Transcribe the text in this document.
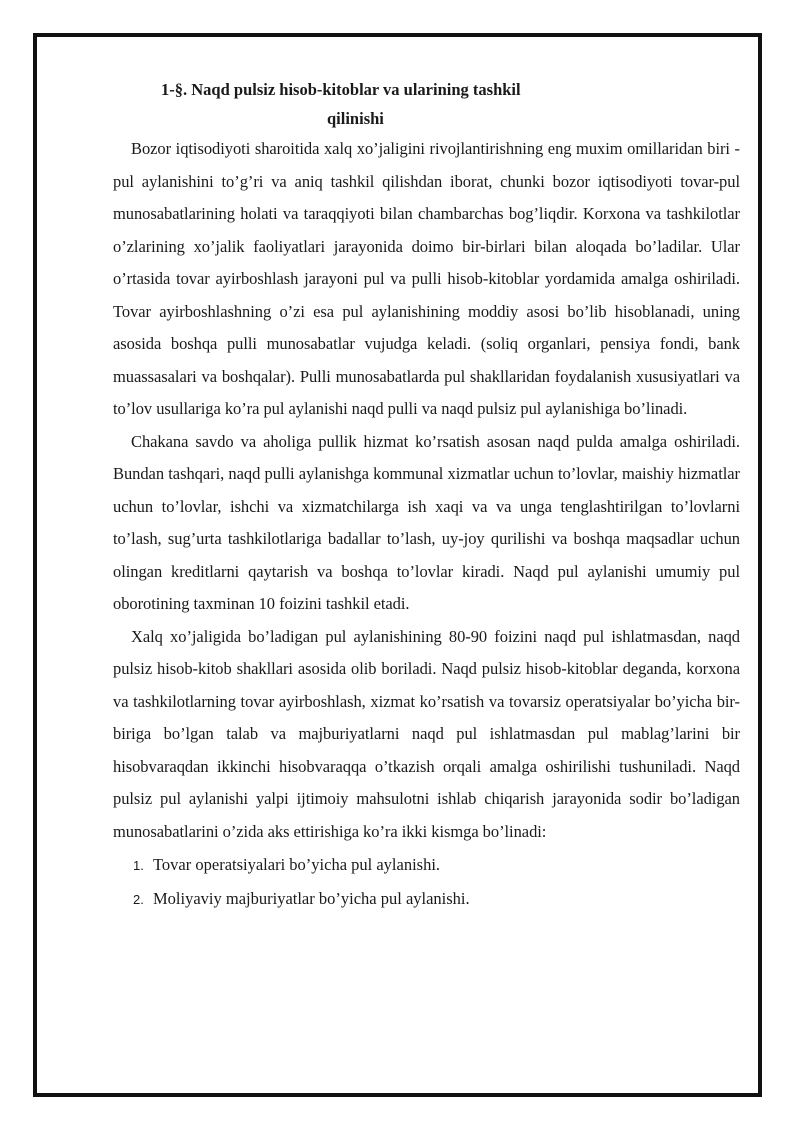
1-§. Naqd pulsiz hisob-kitoblar va ularining tashkil
qilinishi

Bozor iqtisodiyoti sharoitida xalq xo’jaligini rivojlantirishning eng muxim omillaridan biri - pul aylanishini to’g’ri va aniq tashkil qilishdan iborat, chunki bozor iqtisodiyoti tovar-pul munosabatlarining holati va taraqqiyoti bilan chambarchas bog’liqdir. Korxona va tashkilotlar o’zlarining xo’jalik faoliyatlari jarayonida doimo bir-birlari bilan aloqada bo’ladilar. Ular o’rtasida tovar ayirboshlash jarayoni pul va pulli hisob-kitoblar yordamida amalga oshiriladi. Tovar ayirboshlashning o’zi esa pul aylanishining moddiy asosi bo’lib hisoblanadi, uning asosida boshqa pulli munosabatlar vujudga keladi. (soliq organlari, pensiya fondi, bank muassasalari va boshqalar). Pulli munosabatlarda pul shakllaridan foydalanish xususiyatlari va to’lov usullariga ko’ra pul aylanishi naqd pulli va naqd pulsiz pul aylanishiga bo’linadi.

Chakana savdo va aholiga pullik hizmat ko’rsatish asosan naqd pulda amalga oshiriladi. Bundan tashqari, naqd pulli aylanishga kommunal xizmatlar uchun to’lovlar, maishiy hizmatlar uchun to’lovlar, ishchi va xizmatchilarga ish xaqi va va unga tenglashtirilgan to’lovlarni to’lash, sug’urta tashkilotlariga badallar to’lash, uy-joy qurilishi va boshqa maqsadlar uchun olingan kreditlarni qaytarish va boshqa to’lovlar kiradi. Naqd pul aylanishi umumiy pul oborotining taxminan 10 foizini tashkil etadi.

Xalq xo’jaligida bo’ladigan pul aylanishining 80-90 foizini naqd pul ishlatmasdan, naqd pulsiz hisob-kitob shakllari asosida olib boriladi. Naqd pulsiz hisob-kitoblar deganda, korxona va tashkilotlarning tovar ayirboshlash, xizmat ko’rsatish va tovarsiz operatsiyalar bo’yicha bir-biriga bo’lgan talab va majburiyatlarni naqd pul ishlatmasdan pul mablag’larini bir hisobvaraqdan ikkinchi hisobvaraqqa o’tkazish orqali amalga oshirilishi tushuniladi. Naqd pulsiz pul aylanishi yalpi ijtimoiy mahsulotni ishlab chiqarish jarayonida sodir bo’ladigan munosabatlarini o’zida aks ettirishiga ko’ra ikki kismga bo’linadi:

1. Tovar operatsiyalari bo’yicha pul aylanishi.
2. Moliyaviy majburiyatlar bo’yicha pul aylanishi.
